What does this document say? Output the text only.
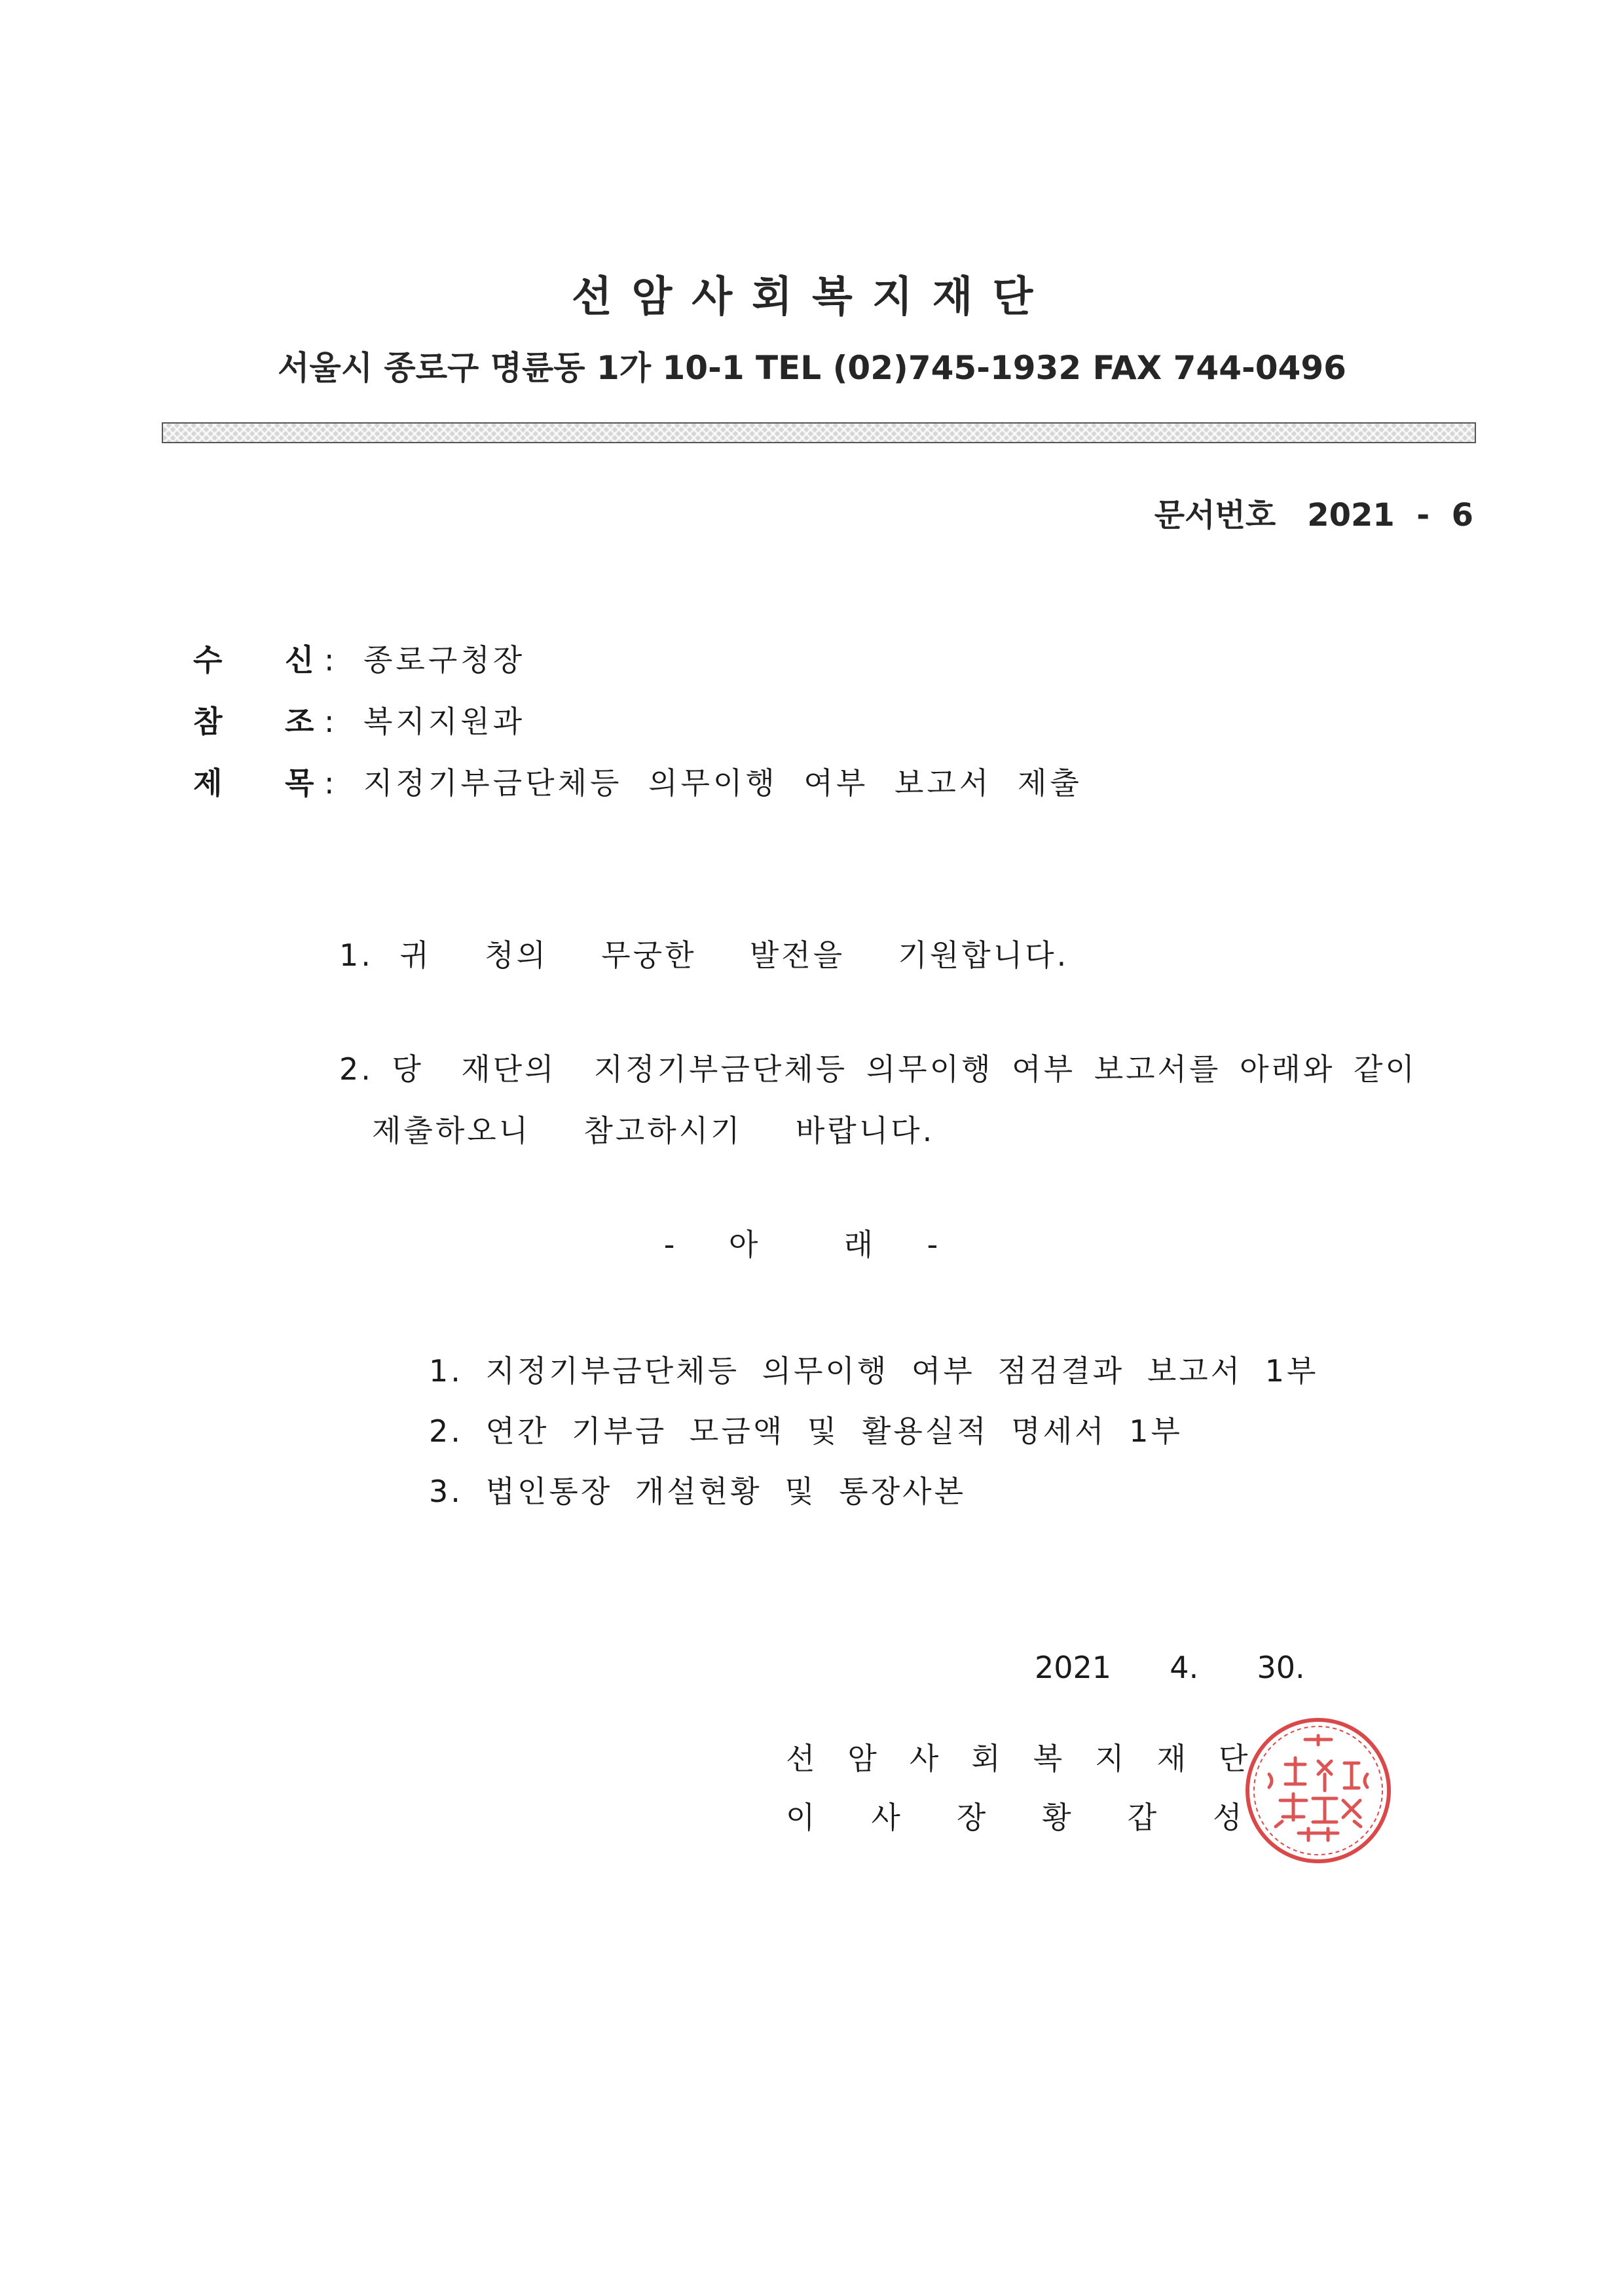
선암사회복지재단
서울시 종로구 명륜동 1가 10-1 TEL (02)745-1932 FAX 744-0496
문서번호 2021  -  6
수 신 : 종로구청장
참 조 : 복지지원과
제 목 : 지정기부금단체등 의무이행 여부 보고서 제출
1. 귀  청의  무궁한  발전을  기원합니다.
2. 당  재단의  지정기부금단체등 의무이행 여부 보고서를 아래와 같이
제출하오니  참고하시기  바랍니다.
- 아  래 -
1. 지정기부금단체등 의무이행 여부 점검결과 보고서 1부
2. 연간 기부금 모금액 및 활용실적 명세서 1부
3. 법인통장 개설현황 및 통장사본
2021  4.  30.
선암사회복지재단
이사장황갑성
